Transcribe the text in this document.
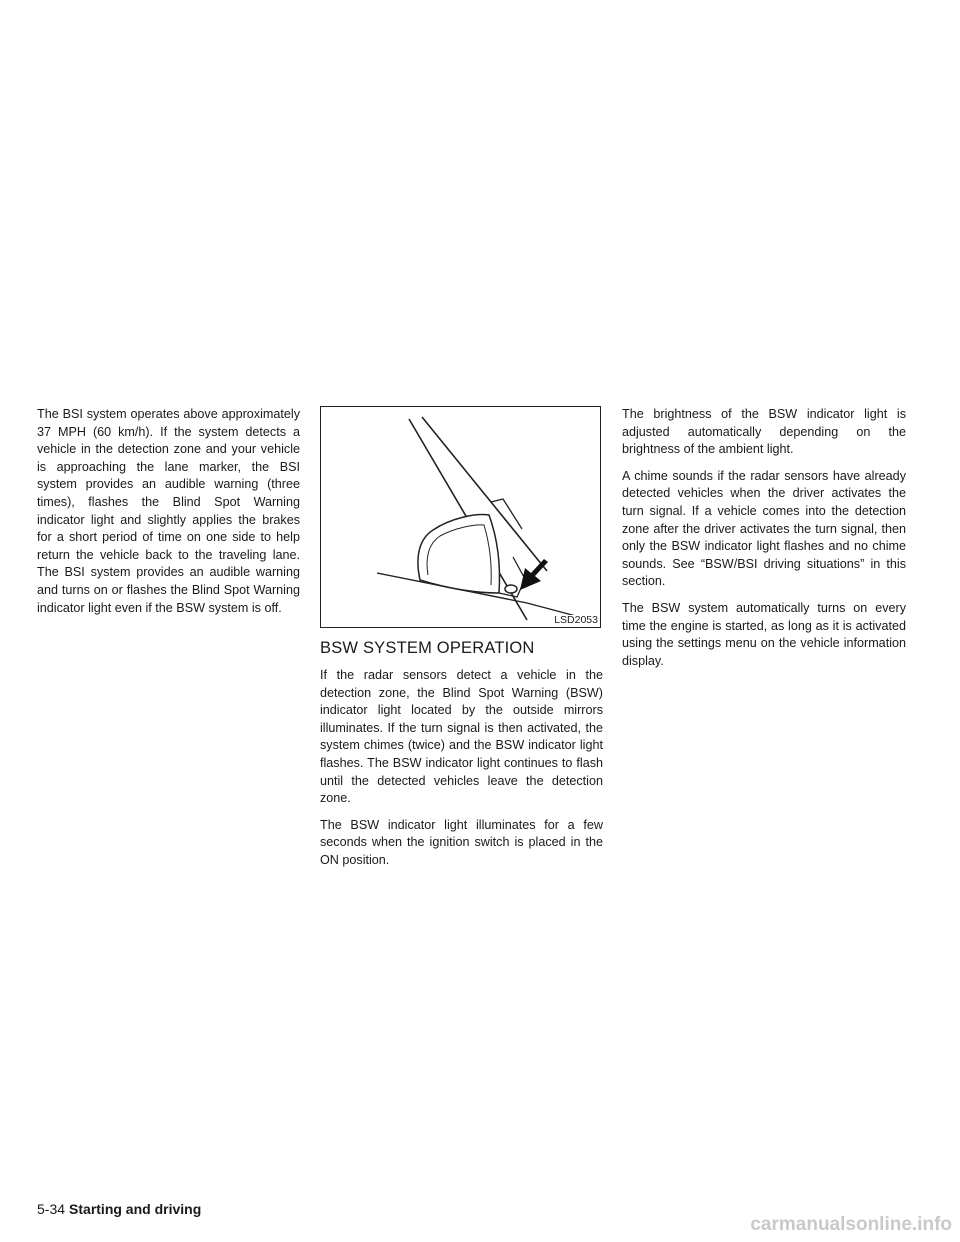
The BSI system operates above approximately 37 MPH (60 km/h). If the system detects a vehicle in the detection zone and your vehicle is approaching the lane marker, the BSI system provides an audible warning (three times), flashes the Blind Spot Warning indicator light and slightly applies the brakes for a short period of time on one side to help return the vehicle back to the traveling lane. The BSI system provides an audible warning and turns on or flashes the Blind Spot Warning indicator light even if the BSW system is off.

LSD2053
BSW SYSTEM OPERATION

If the radar sensors detect a vehicle in the detection zone, the Blind Spot Warning (BSW) indicator light located by the outside mirrors illuminates. If the turn signal is then activated, the system chimes (twice) and the BSW indicator light flashes. The BSW indicator light continues to flash until the detected vehicles leave the detection zone.

The BSW indicator light illuminates for a few seconds when the ignition switch is placed in the ON position.

The brightness of the BSW indicator light is adjusted automatically depending on the brightness of the ambient light.

A chime sounds if the radar sensors have already detected vehicles when the driver activates the turn signal. If a vehicle comes into the detection zone after the driver activates the turn signal, then only the BSW indicator light flashes and no chime sounds. See “BSW/BSI driving situations” in this section.

The BSW system automatically turns on every time the engine is started, as long as it is activated using the settings menu on the vehicle information display.

5-34 Starting and driving
carmanualsonline.info
